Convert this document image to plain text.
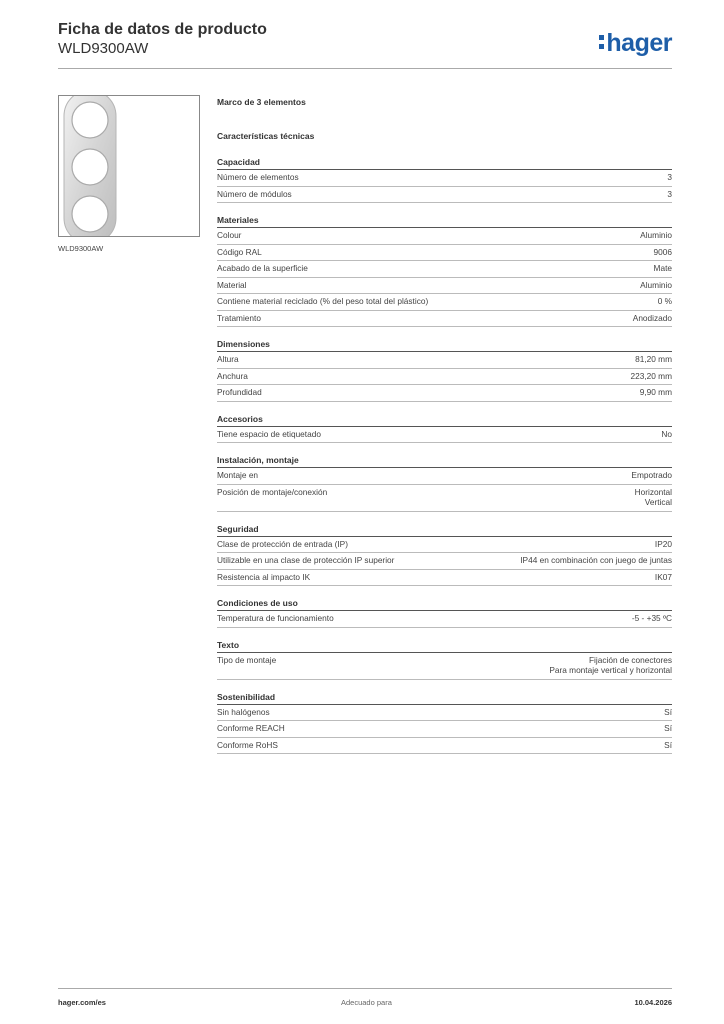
Ficha de datos de producto
WLD9300AW	hager
WLD9300AW
Marco de 3 elementos
Características técnicas
Capacidad
Número de elementos	3
Número de módulos	3
Materiales
Colour	Aluminio
Código RAL	9006
Acabado de la superficie	Mate
Material	Aluminio
Contiene material reciclado (% del peso total del plástico)	0 %
Tratamiento	Anodizado
Dimensiones
Altura	81,20 mm
Anchura	223,20 mm
Profundidad	9,90 mm
Accesorios
Tiene espacio de etiquetado	No
Instalación, montaje
Montaje en	Empotrado
Posición de montaje/conexión	Horizontal
Vertical
Seguridad
Clase de protección de entrada (IP)	IP20
Utilizable en una clase de protección IP superior	IP44 en combinación con juego de juntas
Resistencia al impacto IK	IK07
Condiciones de uso
Temperatura de funcionamiento	-5 - +35 ºC
Texto
Tipo de montaje	Fijación de conectores
Para montaje vertical y horizontal
Sostenibilidad
Sin halógenos	Sí
Conforme REACH	Sí
Conforme RoHS	Sí
hager.com/es	Adecuado para	10.04.2026
